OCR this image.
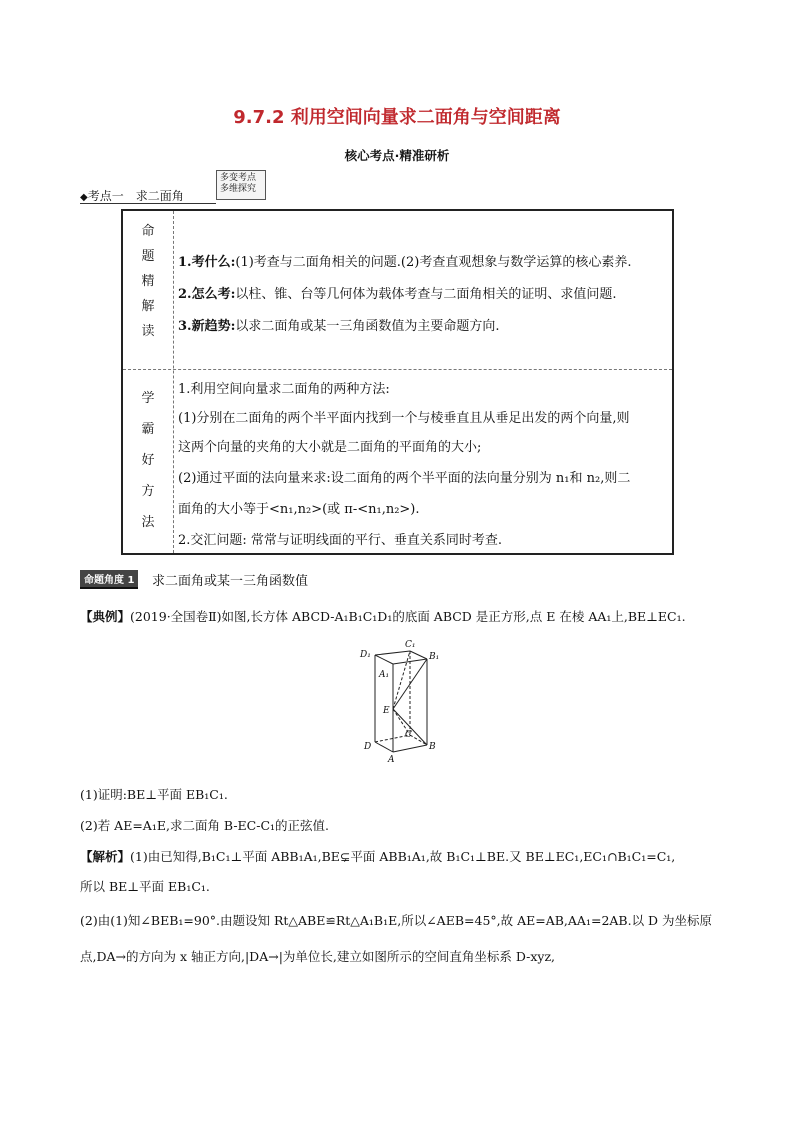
9.7.2 利用空间向量求二面角与空间距离
核心考点·精准研析
◆考点一　求二面角
多变考点
多维探究
命
题
精
解
读
1.考什么:(1)考查与二面角相关的问题.(2)考查直观想象与数学运算的核心素养.
2.怎么考:以柱、锥、台等几何体为载体考查与二面角相关的证明、求值问题.
3.新趋势:以求二面角或某一三角函数值为主要命题方向.
学
霸
好
方
法
1.利用空间向量求二面角的两种方法:
(1)分别在二面角的两个半平面内找到一个与棱垂直且从垂足出发的两个向量,则
这两个向量的夹角的大小就是二面角的平面角的大小;
(2)通过平面的法向量来求:设二面角的两个半平面的法向量分别为 n₁和 n₂,则二
面角的大小等于<n₁,n₂>(或 π-<n₁,n₂>).
2.交汇问题: 常常与证明线面的平行、垂直关系同时考查.
命题角度 1	求二面角或某一三角函数值
【典例】(2019·全国卷Ⅱ)如图,长方体 ABCD-A₁B₁C₁D₁的底面 ABCD 是正方形,点 E 在棱 AA₁上,BE⊥EC₁.
D₁
C₁
B₁
A₁
E
C
D	B
A
(1)证明:BE⊥平面 EB₁C₁.
(2)若 AE=A₁E,求二面角 B-EC-C₁的正弦值.
【解析】(1)由已知得,B₁C₁⊥平面 ABB₁A₁,BE⊊平面 ABB₁A₁,故 B₁C₁⊥BE.又 BE⊥EC₁,EC₁∩B₁C₁=C₁,
所以 BE⊥平面 EB₁C₁.
(2)由(1)知∠BEB₁=90°.由题设知 Rt△ABE≌Rt△A₁B₁E,所以∠AEB=45°,故 AE=AB,AA₁=2AB.以 D 为坐标原
点,DA→的方向为 x 轴正方向,|DA→|为单位长,建立如图所示的空间直角坐标系 D-xyz,
